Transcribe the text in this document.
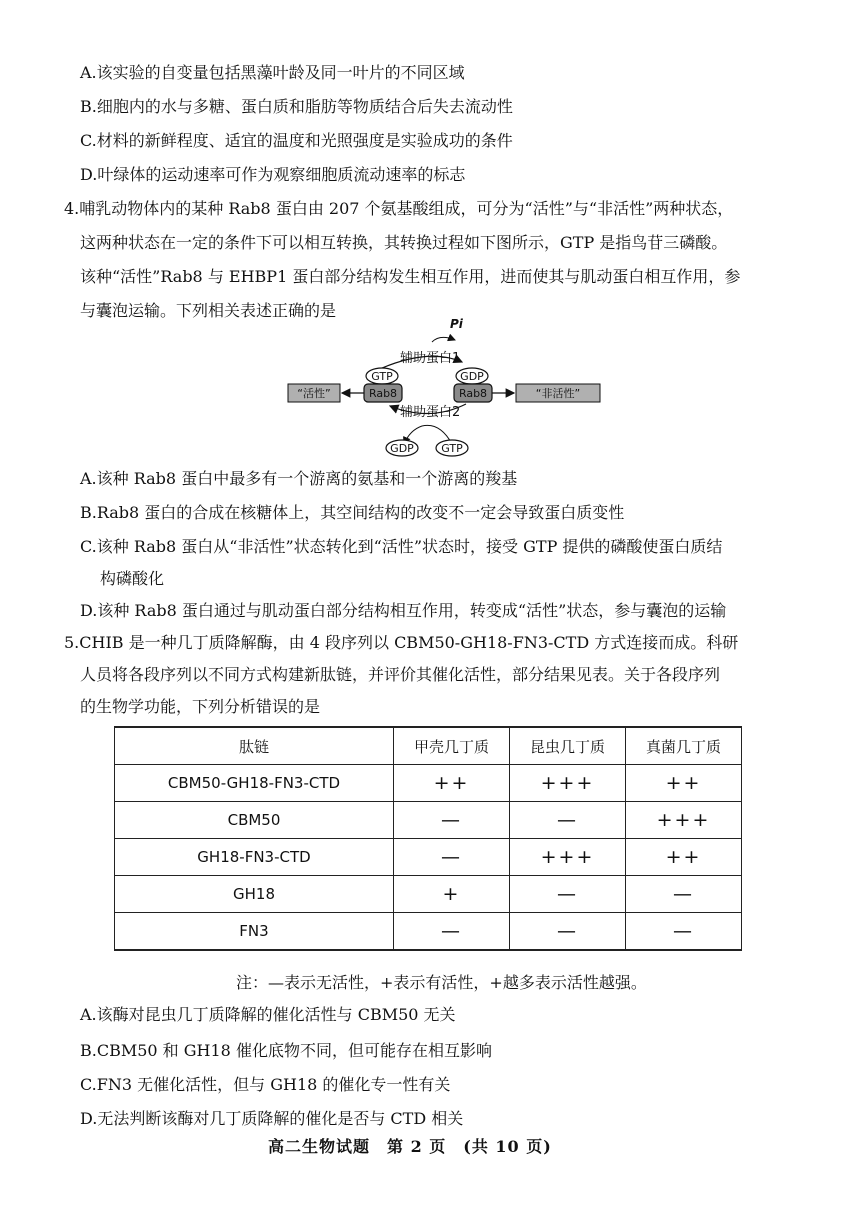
A.该实验的自变量包括黑藻叶龄及同一叶片的不同区域
B.细胞内的水与多糖、蛋白质和脂肪等物质结合后失去流动性
C.材料的新鲜程度、适宜的温度和光照强度是实验成功的条件
D.叶绿体的运动速率可作为观察细胞质流动速率的标志
4.哺乳动物体内的某种 Rab8 蛋白由 207 个氨基酸组成，可分为“活性”与“非活性”两种状态，
这两种状态在一定的条件下可以相互转换，其转换过程如下图所示，GTP 是指鸟苷三磷酸。
该种“活性”Rab8 与 EHBP1 蛋白部分结构发生相互作用，进而使其与肌动蛋白相互作用，参
与囊泡运输。下列相关表述正确的是
Pi
辅助蛋白1
GTP
Rab8
GDP
Rab8
“活性”	“非活性”
辅助蛋白2
GDP GTP
A.该种 Rab8 蛋白中最多有一个游离的氨基和一个游离的羧基
B.Rab8 蛋白的合成在核糖体上，其空间结构的改变不一定会导致蛋白质变性
C.该种 Rab8 蛋白从“非活性”状态转化到“活性”状态时，接受 GTP 提供的磷酸使蛋白质结
构磷酸化
D.该种 Rab8 蛋白通过与肌动蛋白部分结构相互作用，转变成“活性”状态，参与囊泡的运输
5.CHIB 是一种几丁质降解酶，由 4 段序列以 CBM50-GH18-FN3-CTD 方式连接而成。科研
人员将各段序列以不同方式构建新肽链，并评价其催化活性，部分结果见表。关于各段序列
的生物学功能，下列分析错误的是
肽链	甲壳几丁质	昆虫几丁质	真菌几丁质
CBM50-GH18-FN3-CTD	++	+++	++
CBM50	—	—	+++
GH18-FN3-CTD	—	+++	++
GH18	+	—	—
FN3	—	—	—
注：—表示无活性，+表示有活性，+越多表示活性越强。
A.该酶对昆虫几丁质降解的催化活性与 CBM50 无关
B.CBM50 和 GH18 催化底物不同，但可能存在相互影响
C.FN3 无催化活性，但与 GH18 的催化专一性有关
D.无法判断该酶对几丁质降解的催化是否与 CTD 相关
高二生物试题　第 2 页　(共 10 页)
